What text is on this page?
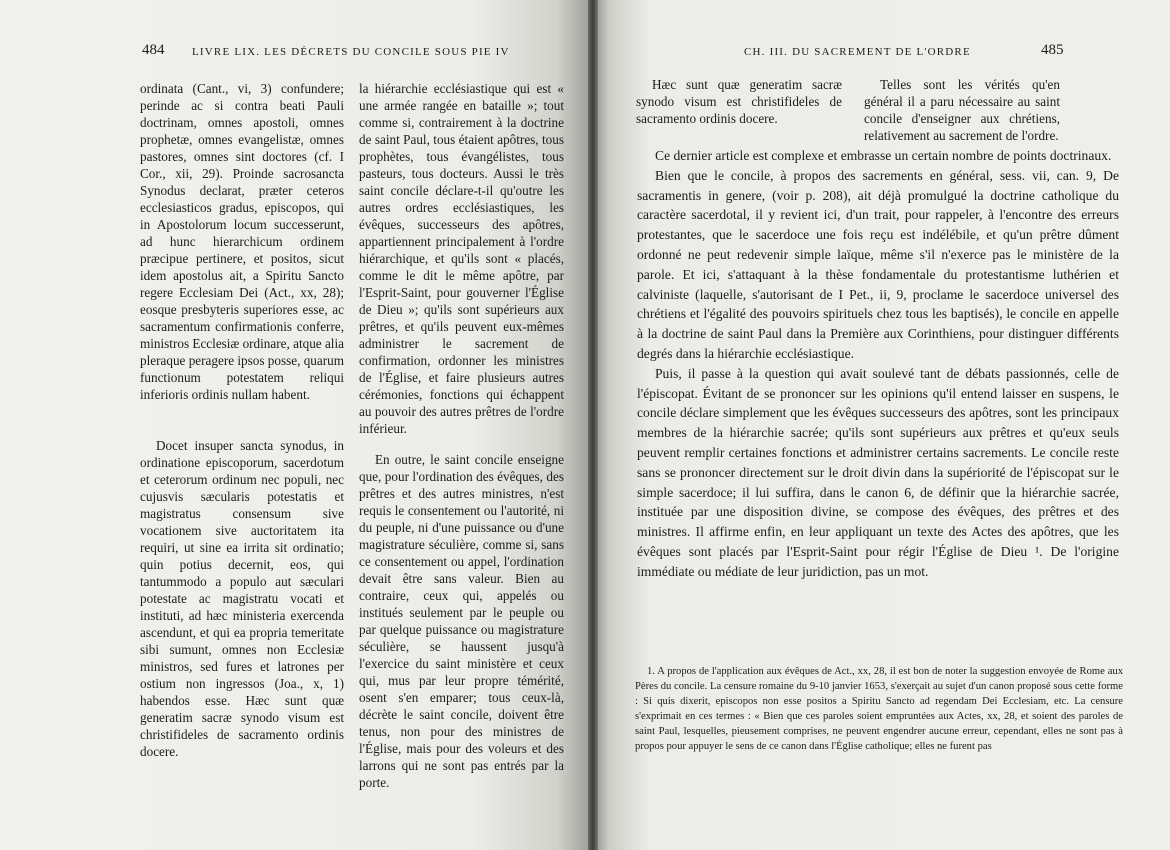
484	LIVRE LIX. LES DÉCRETS DU CONCILE SOUS PIE IV

ordinata (Cant., vi, 3) confundere; perinde ac si contra beati Pauli doctrinam, omnes apostoli, omnes prophetæ, omnes evangelistæ, omnes pastores, omnes sint doctores (cf. I Cor., xii, 29). Proinde sacrosancta Synodus declarat, præter ceteros ecclesiasticos gradus, episcopos, qui in Apostolorum locum successerunt, ad hunc hierarchicum ordinem præcipue pertinere, et positos, sicut idem apostolus ait, a Spiritu Sancto regere Ecclesiam Dei (Act., xx, 28); eosque presbyteris superiores esse, ac sacramentum confirmationis conferre, ministros Ecclesiæ ordinare, atque alia pleraque peragere ipsos posse, quarum functionum potestatem reliqui inferioris ordinis nullam habent.

Docet insuper sancta synodus, in ordinatione episcoporum, sacerdotum et ceterorum ordinum nec populi, nec cujusvis sæcularis potestatis et magistratus consensum sive vocationem sive auctoritatem ita requiri, ut sine ea irrita sit ordinatio; quin potius decernit, eos, qui tantummodo a populo aut sæculari potestate ac magistratu vocati et instituti, ad hæc ministeria exercenda ascendunt, et qui ea propria temeritate sibi sumunt, omnes non Ecclesiæ ministros, sed fures et latrones per ostium non ingressos (Joa., x, 1) habendos esse. Hæc sunt quæ generatim sacræ synodo visum est christifideles de sacramento ordinis docere.

la hiérarchie ecclésiastique qui est « une armée rangée en bataille »; tout comme si, contrairement à la doctrine de saint Paul, tous étaient apôtres, tous prophètes, tous évangélistes, tous pasteurs, tous docteurs. Aussi le très saint concile déclare-t-il qu'outre les autres ordres ecclésiastiques, les évêques, successeurs des apôtres, appartiennent principalement à l'ordre hiérarchique, et qu'ils sont « placés, comme le dit le même apôtre, par l'Esprit-Saint, pour gouverner l'Église de Dieu »; qu'ils sont supérieurs aux prêtres, et qu'ils peuvent eux-mêmes administrer le sacrement de confirmation, ordonner les ministres de l'Église, et faire plusieurs autres cérémonies, fonctions qui échappent au pouvoir des autres prêtres de l'ordre inférieur.

En outre, le saint concile enseigne que, pour l'ordination des évêques, des prêtres et des autres ministres, n'est requis le consentement ou l'autorité, ni du peuple, ni d'une puissance ou d'une magistrature séculière, comme si, sans ce consentement ou appel, l'ordination devait être sans valeur. Bien au contraire, ceux qui, appelés ou institués seulement par le peuple ou par quelque puissance ou magistrature séculière, se haussent jusqu'à l'exercice du saint ministère et ceux qui, mus par leur propre témérité, osent s'en emparer; tous ceux-là, décrète le saint concile, doivent être tenus, non pour des ministres de l'Église, mais pour des voleurs et des larrons qui ne sont pas entrés par la porte.

CH. III. DU SACREMENT DE L'ORDRE	485

Hæc sunt quæ generatim sacræ synodo visum est christifideles de sacramento ordinis docere.

Telles sont les vérités qu'en général il a paru nécessaire au saint concile d'enseigner aux chrétiens, relativement au sacrement de l'ordre.

Ce dernier article est complexe et embrasse un certain nombre de points doctrinaux.

Bien que le concile, à propos des sacrements en général, sess. vii, can. 9, De sacramentis in genere, (voir p. 208), ait déjà promulgué la doctrine catholique du caractère sacerdotal, il y revient ici, d'un trait, pour rappeler, à l'encontre des erreurs protestantes, que le sacerdoce une fois reçu est indélébile, et qu'un prêtre dûment ordonné ne peut redevenir simple laïque, même s'il n'exerce pas le ministère de la parole. Et ici, s'attaquant à la thèse fondamentale du protestantisme luthérien et calviniste (laquelle, s'autorisant de I Pet., ii, 9, proclame le sacerdoce universel des chrétiens et l'égalité des pouvoirs spirituels chez tous les baptisés), le concile en appelle à la doctrine de saint Paul dans la Première aux Corinthiens, pour distinguer différents degrés dans la hiérarchie ecclésiastique.

Puis, il passe à la question qui avait soulevé tant de débats passionnés, celle de l'épiscopat. Évitant de se prononcer sur les opinions qu'il entend laisser en suspens, le concile déclare simplement que les évêques successeurs des apôtres, sont les principaux membres de la hiérarchie sacrée; qu'ils sont supérieurs aux prêtres et qu'eux seuls peuvent remplir certaines fonctions et administrer certains sacrements. Le concile reste sans se prononcer directement sur le droit divin dans la supériorité de l'épiscopat sur le simple sacerdoce; il lui suffira, dans le canon 6, de définir que la hiérarchie sacrée, instituée par une disposition divine, se compose des évêques, des prêtres et des ministres. Il affirme enfin, en leur appliquant un texte des Actes des apôtres, que les évêques sont placés par l'Esprit-Saint pour régir l'Église de Dieu ¹. De l'origine immédiate ou médiate de leur juridiction, pas un mot.

1. A propos de l'application aux évêques de Act., xx, 28, il est bon de noter la suggestion envoyée de Rome aux Pères du concile. La censure romaine du 9-10 janvier 1653, s'exerçait au sujet d'un canon proposé sous cette forme : Si quis dixerit, episcopos non esse positos a Spiritu Sancto ad regendam Dei Ecclesiam, etc. La censure s'exprimait en ces termes : « Bien que ces paroles soient empruntées aux Actes, xx, 28, et soient des paroles de saint Paul, lesquelles, pieusement comprises, ne peuvent engendrer aucune erreur, cependant, elles ne sont pas à propos pour appuyer le sens de ce canon dans l'Église catholique; elles ne furent pas
